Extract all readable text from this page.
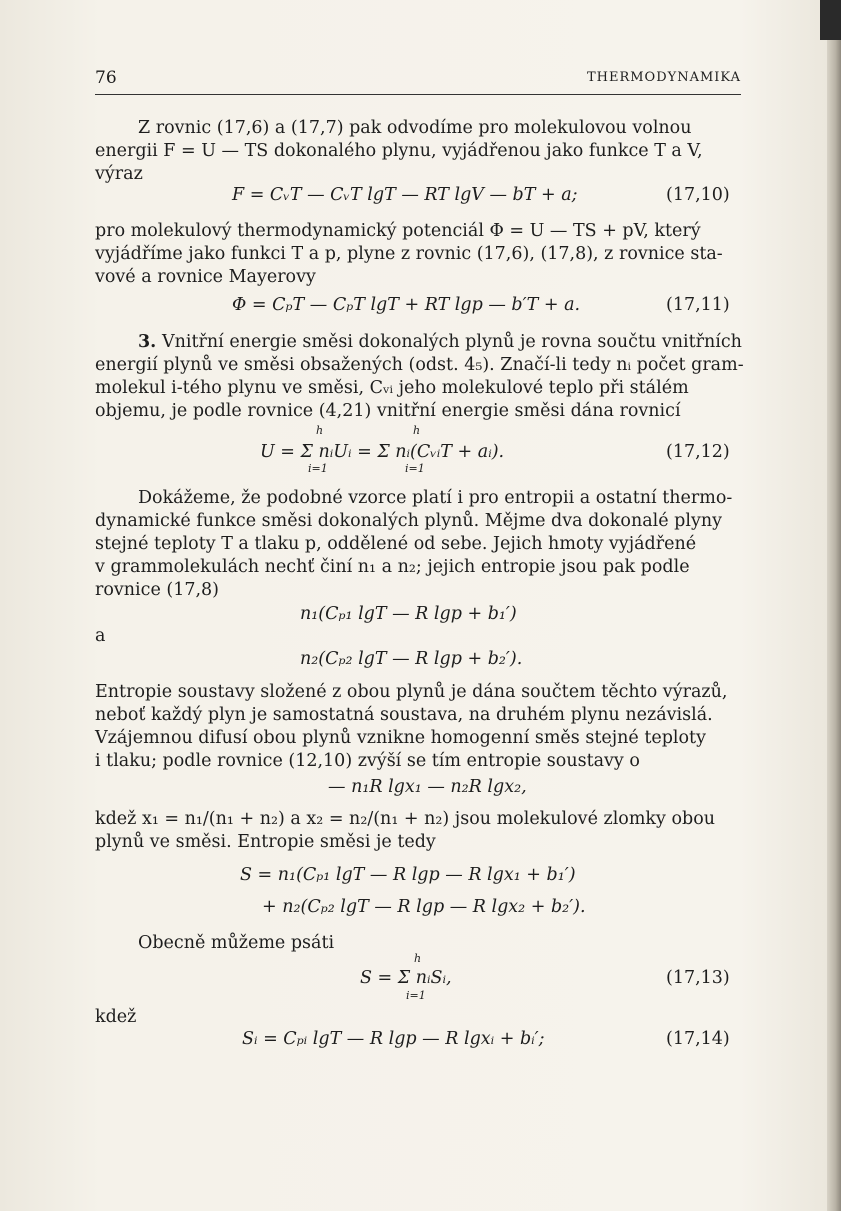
76	THERMODYNAMIKA
Z rovnic (17,6) a (17,7) pak odvodíme pro molekulovou volnou
energii F = U — TS dokonalého plynu, vyjádřenou jako funkce T a V,
výraz
F = CᵥT — CᵥT lgT — RT lgV — bT + a;	(17,10)
pro molekulový thermodynamický potenciál Φ = U — TS + pV, který
vyjádříme jako funkci T a p, plyne z rovnic (17,6), (17,8), z rovnice sta-
vové a rovnice Mayerovy
Φ = CₚT — CₚT lgT + RT lgp — b′T + a.	(17,11)
3. Vnitřní energie směsi dokonalých plynů je rovna součtu vnitřních
energií plynů ve směsi obsažených (odst. 4₅). Značí-li tedy nᵢ počet gram-
molekul i-tého plynu ve směsi, Cᵥᵢ jeho molekulové teplo při stálém
objemu, je podle rovnice (4,21) vnitřní energie směsi dána rovnicí
h	h
U = Σ nᵢUᵢ = Σ nᵢ(CᵥᵢT + aᵢ).
i=1	i=1
(17,12)
Dokážeme, že podobné vzorce platí i pro entropii a ostatní thermo-
dynamické funkce směsi dokonalých plynů. Mějme dva dokonalé plyny
stejné teploty T a tlaku p, oddělené od sebe. Jejich hmoty vyjádřené
v grammolekulách nechť činí n₁ a n₂; jejich entropie jsou pak podle
rovnice (17,8)
n₁(Cₚ₁ lgT — R lgp + b₁′)
a
n₂(Cₚ₂ lgT — R lgp + b₂′).
Entropie soustavy složené z obou plynů je dána součtem těchto výrazů,
neboť každý plyn je samostatná soustava, na druhém plynu nezávislá.
Vzájemnou difusí obou plynů vznikne homogenní směs stejné teploty
i tlaku; podle rovnice (12,10) zvýší se tím entropie soustavy o
— n₁R lgx₁ — n₂R lgx₂,
kdež x₁ = n₁/(n₁ + n₂) a x₂ = n₂/(n₁ + n₂) jsou molekulové zlomky obou
plynů ve směsi. Entropie směsi je tedy
S = n₁(Cₚ₁ lgT — R lgp — R lgx₁ + b₁′)
+ n₂(Cₚ₂ lgT — R lgp — R lgx₂ + b₂′).
Obecně můžeme psáti
h
S = Σ nᵢSᵢ,
i=1
(17,13)
kdež
Sᵢ = Cₚᵢ lgT — R lgp — R lgxᵢ + bᵢ′;	(17,14)
